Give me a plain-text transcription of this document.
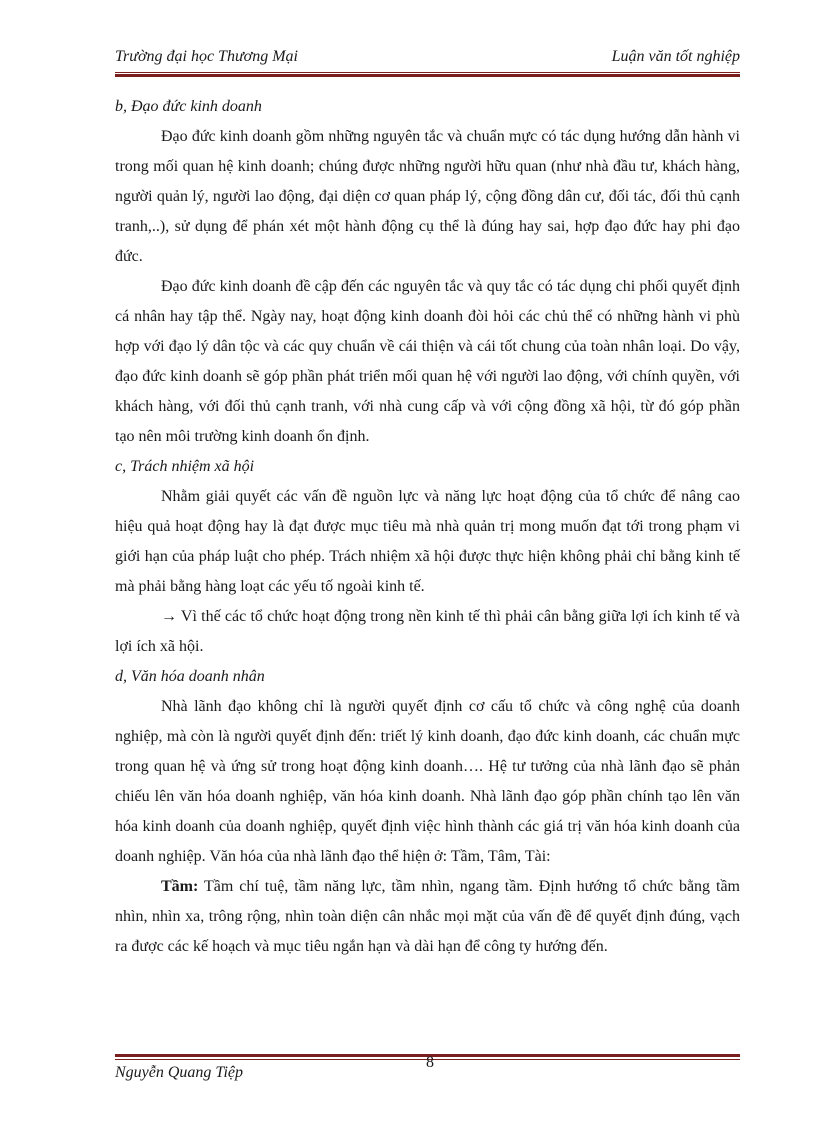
Trường đại học Thương Mại	Luận văn tốt nghiệp

b, Đạo đức kinh doanh

Đạo đức kinh doanh gồm những nguyên tắc và chuẩn mực có tác dụng hướng dẫn hành vi trong mối quan hệ kinh doanh; chúng được những người hữu quan (như nhà đầu tư, khách hàng, người quản lý, người lao động, đại diện cơ quan pháp lý, cộng đồng dân cư, đối tác, đối thủ cạnh tranh,..), sử dụng để phán xét một hành động cụ thể là đúng hay sai, hợp đạo đức hay phi đạo đức.

Đạo đức kinh doanh đề cập đến các nguyên tắc và quy tắc có tác dụng chi phối quyết định cá nhân hay tập thể. Ngày nay, hoạt động kinh doanh đòi hỏi các chủ thể có những hành vi phù hợp với đạo lý dân tộc và các quy chuẩn về cái thiện và cái tốt chung của toàn nhân loại. Do vậy, đạo đức kinh doanh sẽ góp phần phát triển mối quan hệ với người lao động, với chính quyền, với khách hàng, với đối thủ cạnh tranh, với nhà cung cấp và với cộng đồng xã hội, từ đó góp phần tạo nên môi trường kinh doanh ổn định.

c, Trách nhiệm xã hội

Nhằm giải quyết các vấn đề nguồn lực và năng lực hoạt động của tổ chức để nâng cao hiệu quả hoạt động hay là đạt được mục tiêu mà nhà quản trị mong muốn đạt tới trong phạm vi giới hạn của pháp luật cho phép. Trách nhiệm xã hội được thực hiện không phải chỉ bằng kinh tế mà phải bằng hàng loạt các yếu tố ngoài kinh tế.

→ Vì thế các tổ chức hoạt động trong nền kinh tế thì phải cân bằng giữa lợi ích kinh tế và lợi ích xã hội.

d, Văn hóa doanh nhân

Nhà lãnh đạo không chỉ là người quyết định cơ cấu tổ chức và công nghệ của doanh nghiệp, mà còn là người quyết định đến: triết lý kinh doanh, đạo đức kinh doanh, các chuẩn mực trong quan hệ và ứng sử trong hoạt động kinh doanh…. Hệ tư tưởng của nhà lãnh đạo sẽ phản chiếu lên văn hóa doanh nghiệp, văn hóa kinh doanh. Nhà lãnh đạo góp phần chính tạo lên văn hóa kinh doanh của doanh nghiệp, quyết định việc hình thành các giá trị văn hóa kinh doanh của doanh nghiệp. Văn hóa của nhà lãnh đạo thể hiện ở: Tầm, Tâm, Tài:

Tầm: Tầm chí tuệ, tầm năng lực, tầm nhìn, ngang tầm. Định hướng tổ chức bằng tầm nhìn, nhìn xa, trông rộng, nhìn toàn diện cân nhắc mọi mặt của vấn đề để quyết định đúng, vạch ra được các kế hoạch và mục tiêu ngắn hạn và dài hạn để công ty hướng đến.

8
Nguyễn Quang Tiệp
